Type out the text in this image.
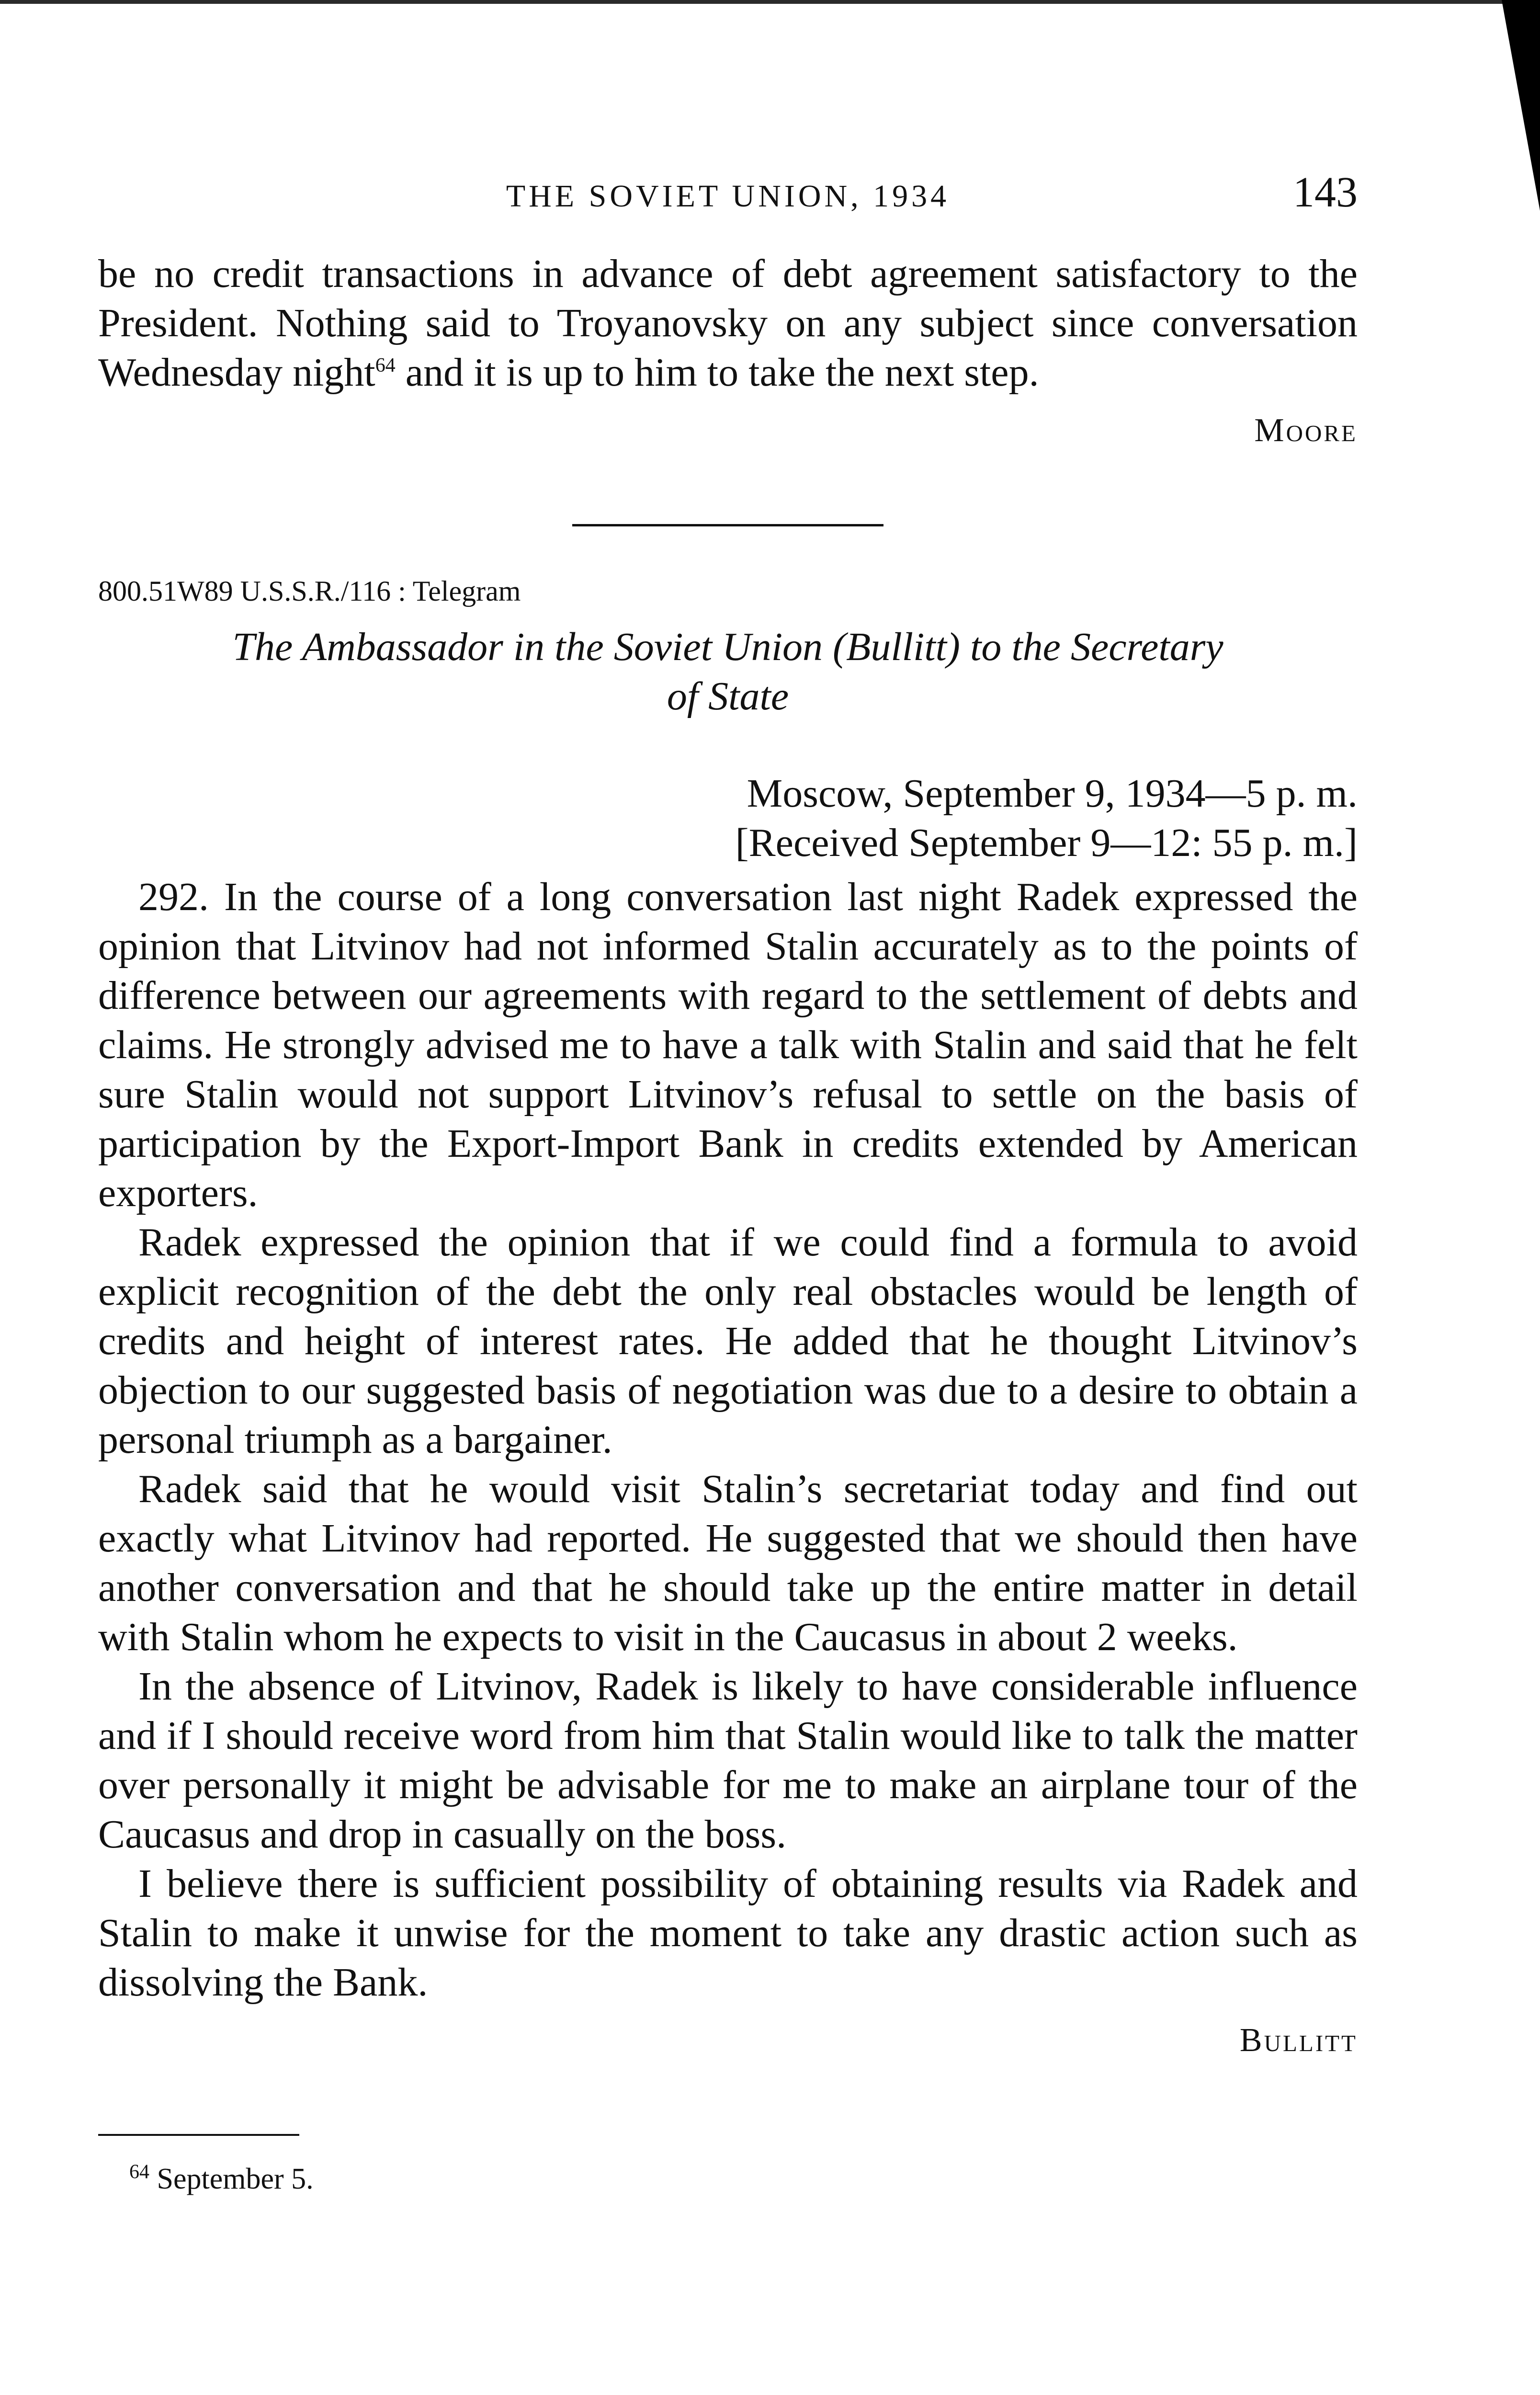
THE SOVIET UNION, 1934	143

be no credit transactions in advance of debt agreement satisfactory to the President. Nothing said to Troyanovsky on any subject since conversation Wednesday night$^{64}$ and it is up to him to take the next step.

Moore
800.51W89 U.S.S.R./116 : Telegram
The Ambassador in the Soviet Union (Bullitt) to the Secretary
of State
Moscow, September 9, 1934—5 p. m.
[Received September 9—12: 55 p. m.]

292. In the course of a long conversation last night Radek expressed the opinion that Litvinov had not informed Stalin accurately as to the points of difference between our agreements with regard to the settlement of debts and claims. He strongly advised me to have a talk with Stalin and said that he felt sure Stalin would not support Litvinov’s refusal to settle on the basis of participation by the Export-Import Bank in credits extended by American exporters.

Radek expressed the opinion that if we could find a formula to avoid explicit recognition of the debt the only real obstacles would be length of credits and height of interest rates. He added that he thought Litvinov’s objection to our suggested basis of negotiation was due to a desire to obtain a personal triumph as a bargainer.

Radek said that he would visit Stalin’s secretariat today and find out exactly what Litvinov had reported. He suggested that we should then have another conversation and that he should take up the entire matter in detail with Stalin whom he expects to visit in the Caucasus in about 2 weeks.

In the absence of Litvinov, Radek is likely to have considerable influence and if I should receive word from him that Stalin would like to talk the matter over personally it might be advisable for me to make an airplane tour of the Caucasus and drop in casually on the boss.

I believe there is sufficient possibility of obtaining results via Radek and Stalin to make it unwise for the moment to take any drastic action such as dissolving the Bank.

Bullitt
$^{64}$ September 5.
